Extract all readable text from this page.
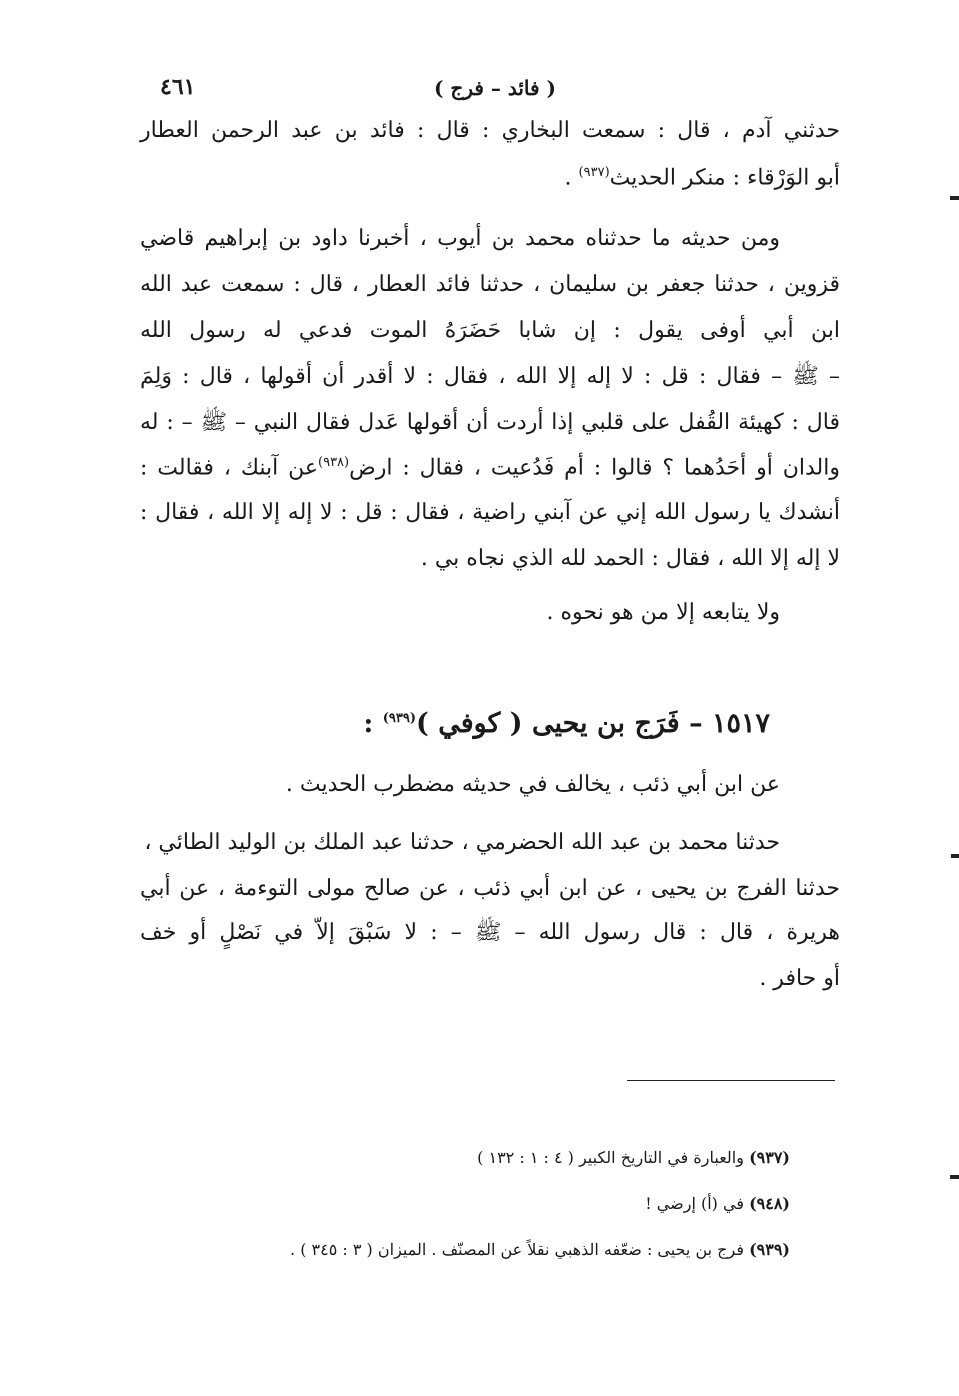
٤٦١	( فائد – فرج )
حدثني آدم ، قال : سمعت البخاري : قال : فائد بن عبد الرحمن العطار
أبو الوَرْقاء : منكر الحديث$^{(٩٣٧)}$ .
ومن حديثه ما حدثناه محمد بن أيوب ، أخبرنا داود بن إبراهيم قاضي
قزوين ، حدثنا جعفر بن سليمان ، حدثنا فائد العطار ، قال : سمعت عبد الله
ابن أبي أوفى يقول : إن شابا حَضَرَهُ الموت فدعي له رسول الله
– ﷺ – فقال : قل : لا إله إلا الله ، فقال : لا أقدر أن أقولها ، قال : وَلِمَ
قال : كهيئة القُفل على قلبي إذا أردت أن أقولها عَدل فقال النبي – ﷺ – : له
والدان أو أحَدُهما ؟ قالوا : أم فَدُعيت ، فقال : ارض$^{(٩٣٨)}$عن آبنك ، فقالت :
أنشدك يا رسول الله إني عن آبني راضية ، فقال : قل : لا إله إلا الله ، فقال :
لا إله إلا الله ، فقال : الحمد لله الذي نجاه بي .
ولا يتابعه إلا من هو نحوه .
١٥١٧ – فَرَج بن يحيى ( كوفي )$^{(٩٣٩)}$ :
عن ابن أبي ذئب ، يخالف في حديثه مضطرب الحديث .
حدثنا محمد بن عبد الله الحضرمي ، حدثنا عبد الملك بن الوليد الطائي ،
حدثنا الفرج بن يحيى ، عن ابن أبي ذئب ، عن صالح مولى التوءمة ، عن أبي
هريرة ، قال : قال رسول الله – ﷺ – : لا سَبْقَ إلاّ في نَصْلٍ أو خف
أو حافر .
(٩٣٧) والعبارة في التاريخ الكبير ( ٤ : ١ : ١٣٢ )
(٩٤٨) في (أ) إرضي !
(٩٣٩) فرج بن يحيى : ضعّفه الذهبي نقلاً عن المصنّف . الميزان ( ٣ : ٣٤٥ ) .
